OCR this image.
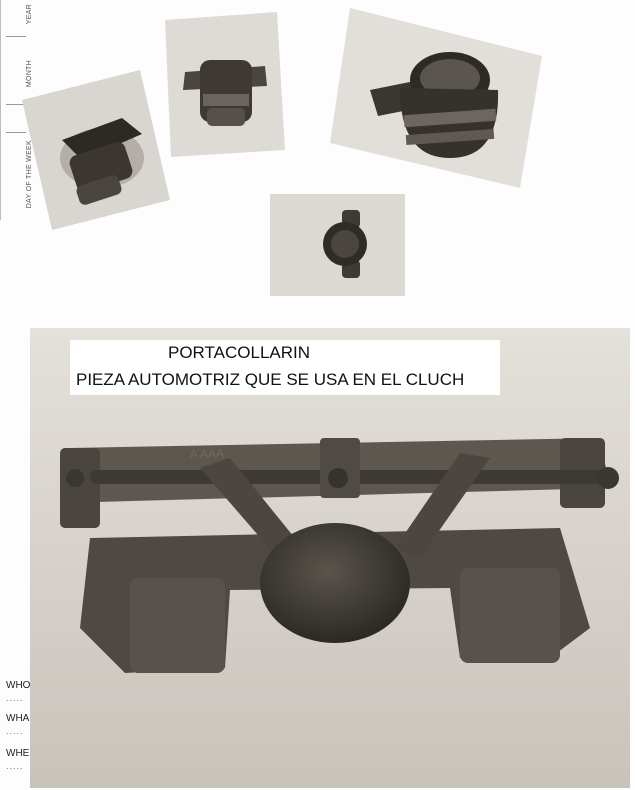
YEAR
MONTH
DAY OF THE WEEK
A AAA
PORTACOLLARIN
PIEZA AUTOMOTRIZ QUE SE USA EN EL CLUCH
WHO
.....
WHA
.....
WHE
.....
